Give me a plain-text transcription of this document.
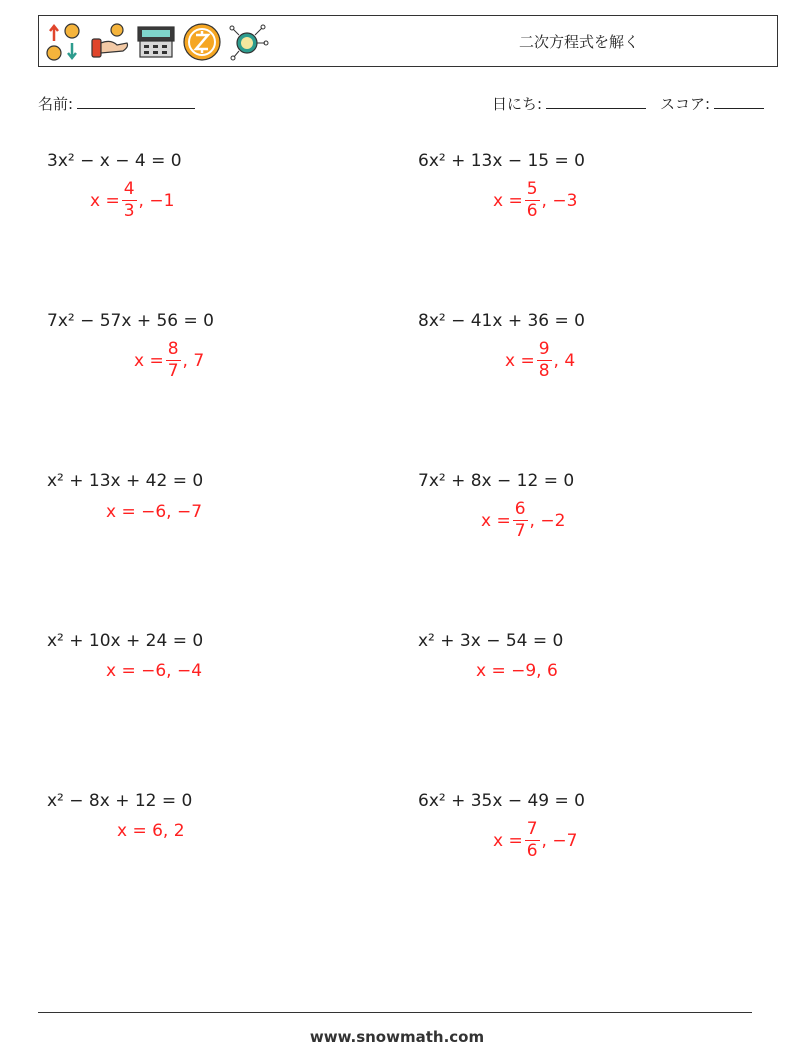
二次方程式を解く
名前:	日にち:	スコア:
3x² − x − 4 = 0
$x = \frac{4}{3}$ , −1
6x² + 13x − 15 = 0
$x = \frac{5}{6}$ , −3
7x² − 57x + 56 = 0
$x = \frac{8}{7}$ , 7
8x² − 41x + 36 = 0
$x = \frac{9}{8}$ , 4
x² + 13x + 42 = 0
x = −6, −7
7x² + 8x − 12 = 0
$x = \frac{6}{7}$ , −2
x² + 10x + 24 = 0
x = −6, −4
x² + 3x − 54 = 0
x = −9, 6
x² − 8x + 12 = 0
x = 6, 2
6x² + 35x − 49 = 0
$x = \frac{7}{6}$ , −7
www.snowmath.com
